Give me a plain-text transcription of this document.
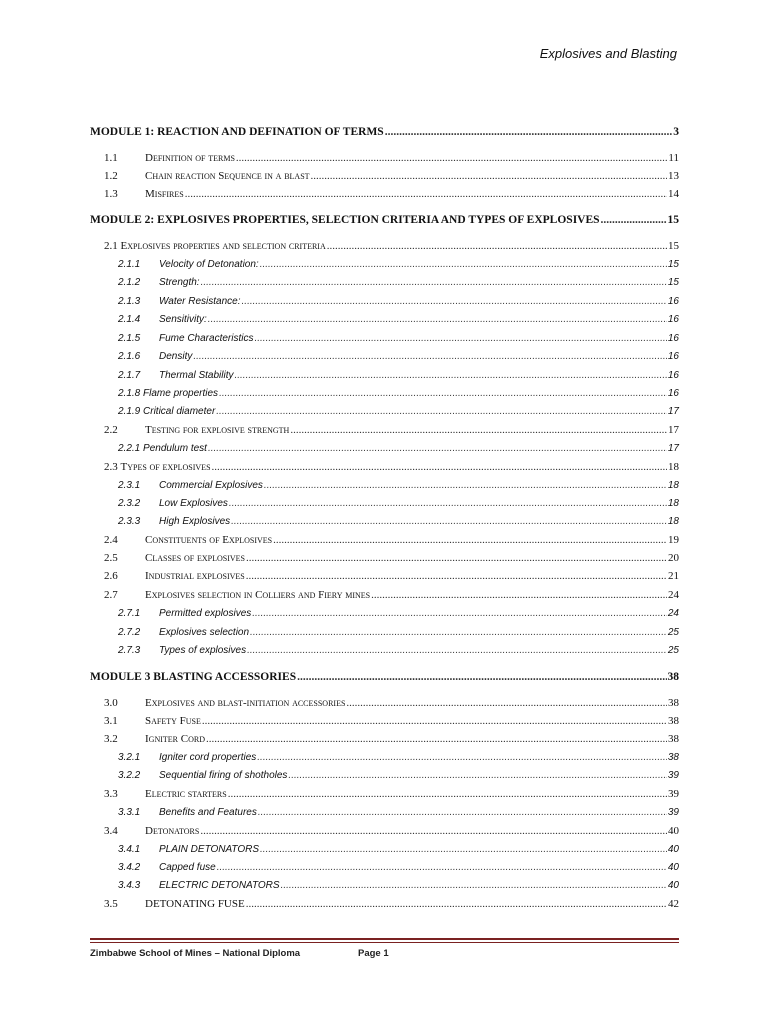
Explosives and Blasting
MODULE 1: REACTION AND DEFINATION OF TERMS .....	3
1.1	Definition of terms .....	11
1.2	Chain reaction Sequence in a blast .....	13
1.3	Misfires .....	14
MODULE 2: EXPLOSIVES PROPERTIES, SELECTION CRITERIA AND TYPES OF EXPLOSIVES .....	15
2.1 Explosives properties and selection criteria .....	15
2.1.1	Velocity of Detonation: .....	15
2.1.2	Strength: .....	15
2.1.3	Water Resistance: .....	16
2.1.4	Sensitivity: .....	16
2.1.5	Fume Characteristics .....	16
2.1.6	Density .....	16
2.1.7	Thermal Stability .....	16
2.1.8 Flame properties .....	16
2.1.9 Critical diameter .....	17
2.2	Testing for explosive strength .....	17
2.2.1 Pendulum test .....	17
2.3 Types of explosives .....	18
2.3.1	Commercial Explosives .....	18
2.3.2	Low Explosives .....	18
2.3.3	High Explosives .....	18
2.4	Constituents of Explosives .....	19
2.5	Classes of explosives .....	20
2.6	Industrial explosives .....	21
2.7	Explosives selection in Colliers and Fiery mines .....	24
2.7.1	Permitted explosives .....	24
2.7.2	Explosives selection .....	25
2.7.3	Types of explosives .....	25
MODULE 3 BLASTING ACCESSORIES .....	38
3.0	Explosives and blast-initiation accessories .....	38
3.1	Safety Fuse .....	38
3.2	Igniter Cord .....	38
3.2.1	Igniter cord properties .....	38
3.2.2	Sequential firing of shotholes .....	39
3.3	Electric starters .....	39
3.3.1	Benefits and Features .....	39
3.4	Detonators .....	40
3.4.1	PLAIN DETONATORS .....	40
3.4.2	Capped fuse .....	40
3.4.3	ELECTRIC DETONATORS .....	40
3.5	DETONATING FUSE .....	42
Zimbabwe School of Mines – National Diploma	Page 1
